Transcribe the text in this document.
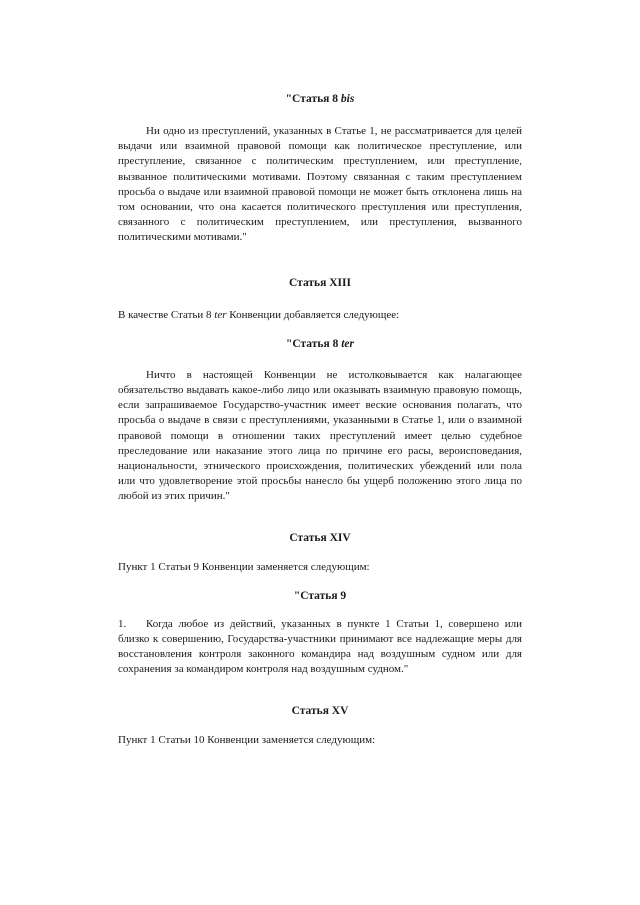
"Статья 8 bis

Ни одно из преступлений, указанных в Статье 1, не рассматривается для целей выдачи или взаимной правовой помощи как политическое преступление, или преступление, связанное с политическим преступлением, или преступление, вызванное политическими мотивами. Поэтому связанная с таким преступлением просьба о выдаче или взаимной правовой помощи не может быть отклонена лишь на том основании, что она касается политического преступления или преступления, связанного с политическим преступлением, или преступления, вызванного политическими мотивами."

Статья XIII

В качестве Статьи 8 ter Конвенции добавляется следующее:

"Статья 8 ter

Ничто в настоящей Конвенции не истолковывается как налагающее обязательство выдавать какое-либо лицо или оказывать взаимную правовую помощь, если запрашиваемое Государство-участник имеет веские основания полагать, что просьба о выдаче в связи с преступлениями, указанными в Статье 1, или о взаимной правовой помощи в отношении таких преступлений имеет целью судебное преследование или наказание этого лица по причине его расы, вероисповедания, национальности, этнического происхождения, политических убеждений или пола или что удовлетворение этой просьбы нанесло бы ущерб положению этого лица по любой из этих причин."

Статья XIV

Пункт 1 Статьи 9 Конвенции заменяется следующим:

"Статья 9

1. Когда любое из действий, указанных в пункте 1 Статьи 1, совершено или близко к совершению, Государства-участники принимают все надлежащие меры для восстановления контроля законного командира над воздушным судном или для сохранения за командиром контроля над воздушным судном."

Статья XV

Пункт 1 Статьи 10 Конвенции заменяется следующим:
